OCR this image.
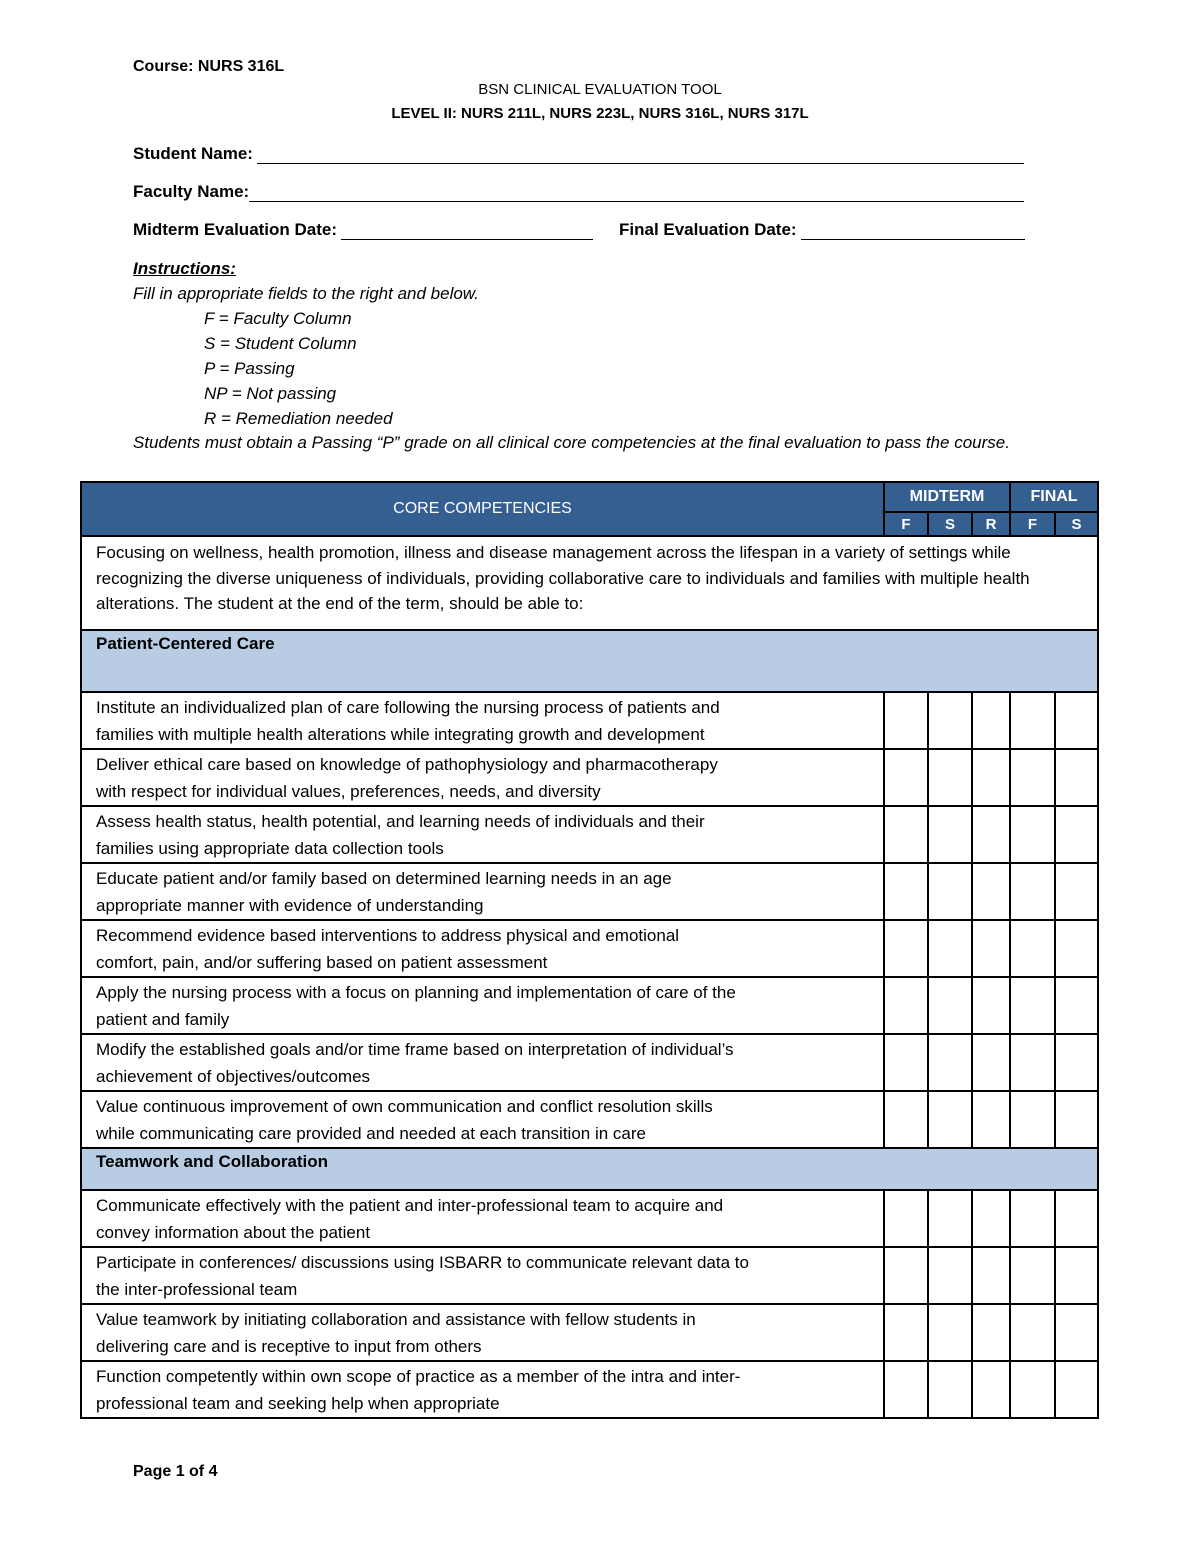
Course: NURS 316L
BSN CLINICAL EVALUATION TOOL
LEVEL II: NURS 211L, NURS 223L, NURS 316L, NURS 317L
Student Name:
Faculty Name:
Midterm Evaluation Date:	Final Evaluation Date:
Instructions:
Fill in appropriate fields to the right and below.
F = Faculty Column
S = Student Column
P = Passing
NP = Not passing
R = Remediation needed
Students must obtain a Passing “P” grade on all clinical core competencies at the final evaluation to pass the course.
CORE COMPETENCIES	MIDTERM			FINAL	
	F	S	R	F	S
Focusing on wellness, health promotion, illness and disease management across the lifespan in a variety of settings while recognizing the diverse uniqueness of individuals, providing collaborative care to individuals and families with multiple health alterations. The student at the end of the term, should be able to:					
Patient-Centered Care					

Institute an individualized plan of care following the nursing process of patients and
families with multiple health alterations while integrating growth and development					

Deliver ethical care based on knowledge of pathophysiology and pharmacotherapy
with respect for individual values, preferences, needs, and diversity					

Assess health status, health potential, and learning needs of individuals and their
families using appropriate data collection tools					

Educate patient and/or family based on determined learning needs in an age
appropriate manner with evidence of understanding					

Recommend evidence based interventions to address physical and emotional
comfort, pain, and/or suffering based on patient assessment					

Apply the nursing process with a focus on planning and implementation of care of the
patient and family					

Modify the established goals and/or time frame based on interpretation of individual’s
achievement of objectives/outcomes					

Value continuous improvement of own communication and conflict resolution skills
while communicating care provided and needed at each transition in care					

Teamwork and Collaboration					

Communicate effectively with the patient and inter-professional team to acquire and
convey information about the patient					

Participate in conferences/ discussions using ISBARR to communicate relevant data to
the inter-professional team					

Value teamwork by initiating collaboration and assistance with fellow students in
delivering care and is receptive to input from others					

Function competently within own scope of practice as a member of the intra and inter-
professional team and seeking help when appropriate					

Page 1 of 4
